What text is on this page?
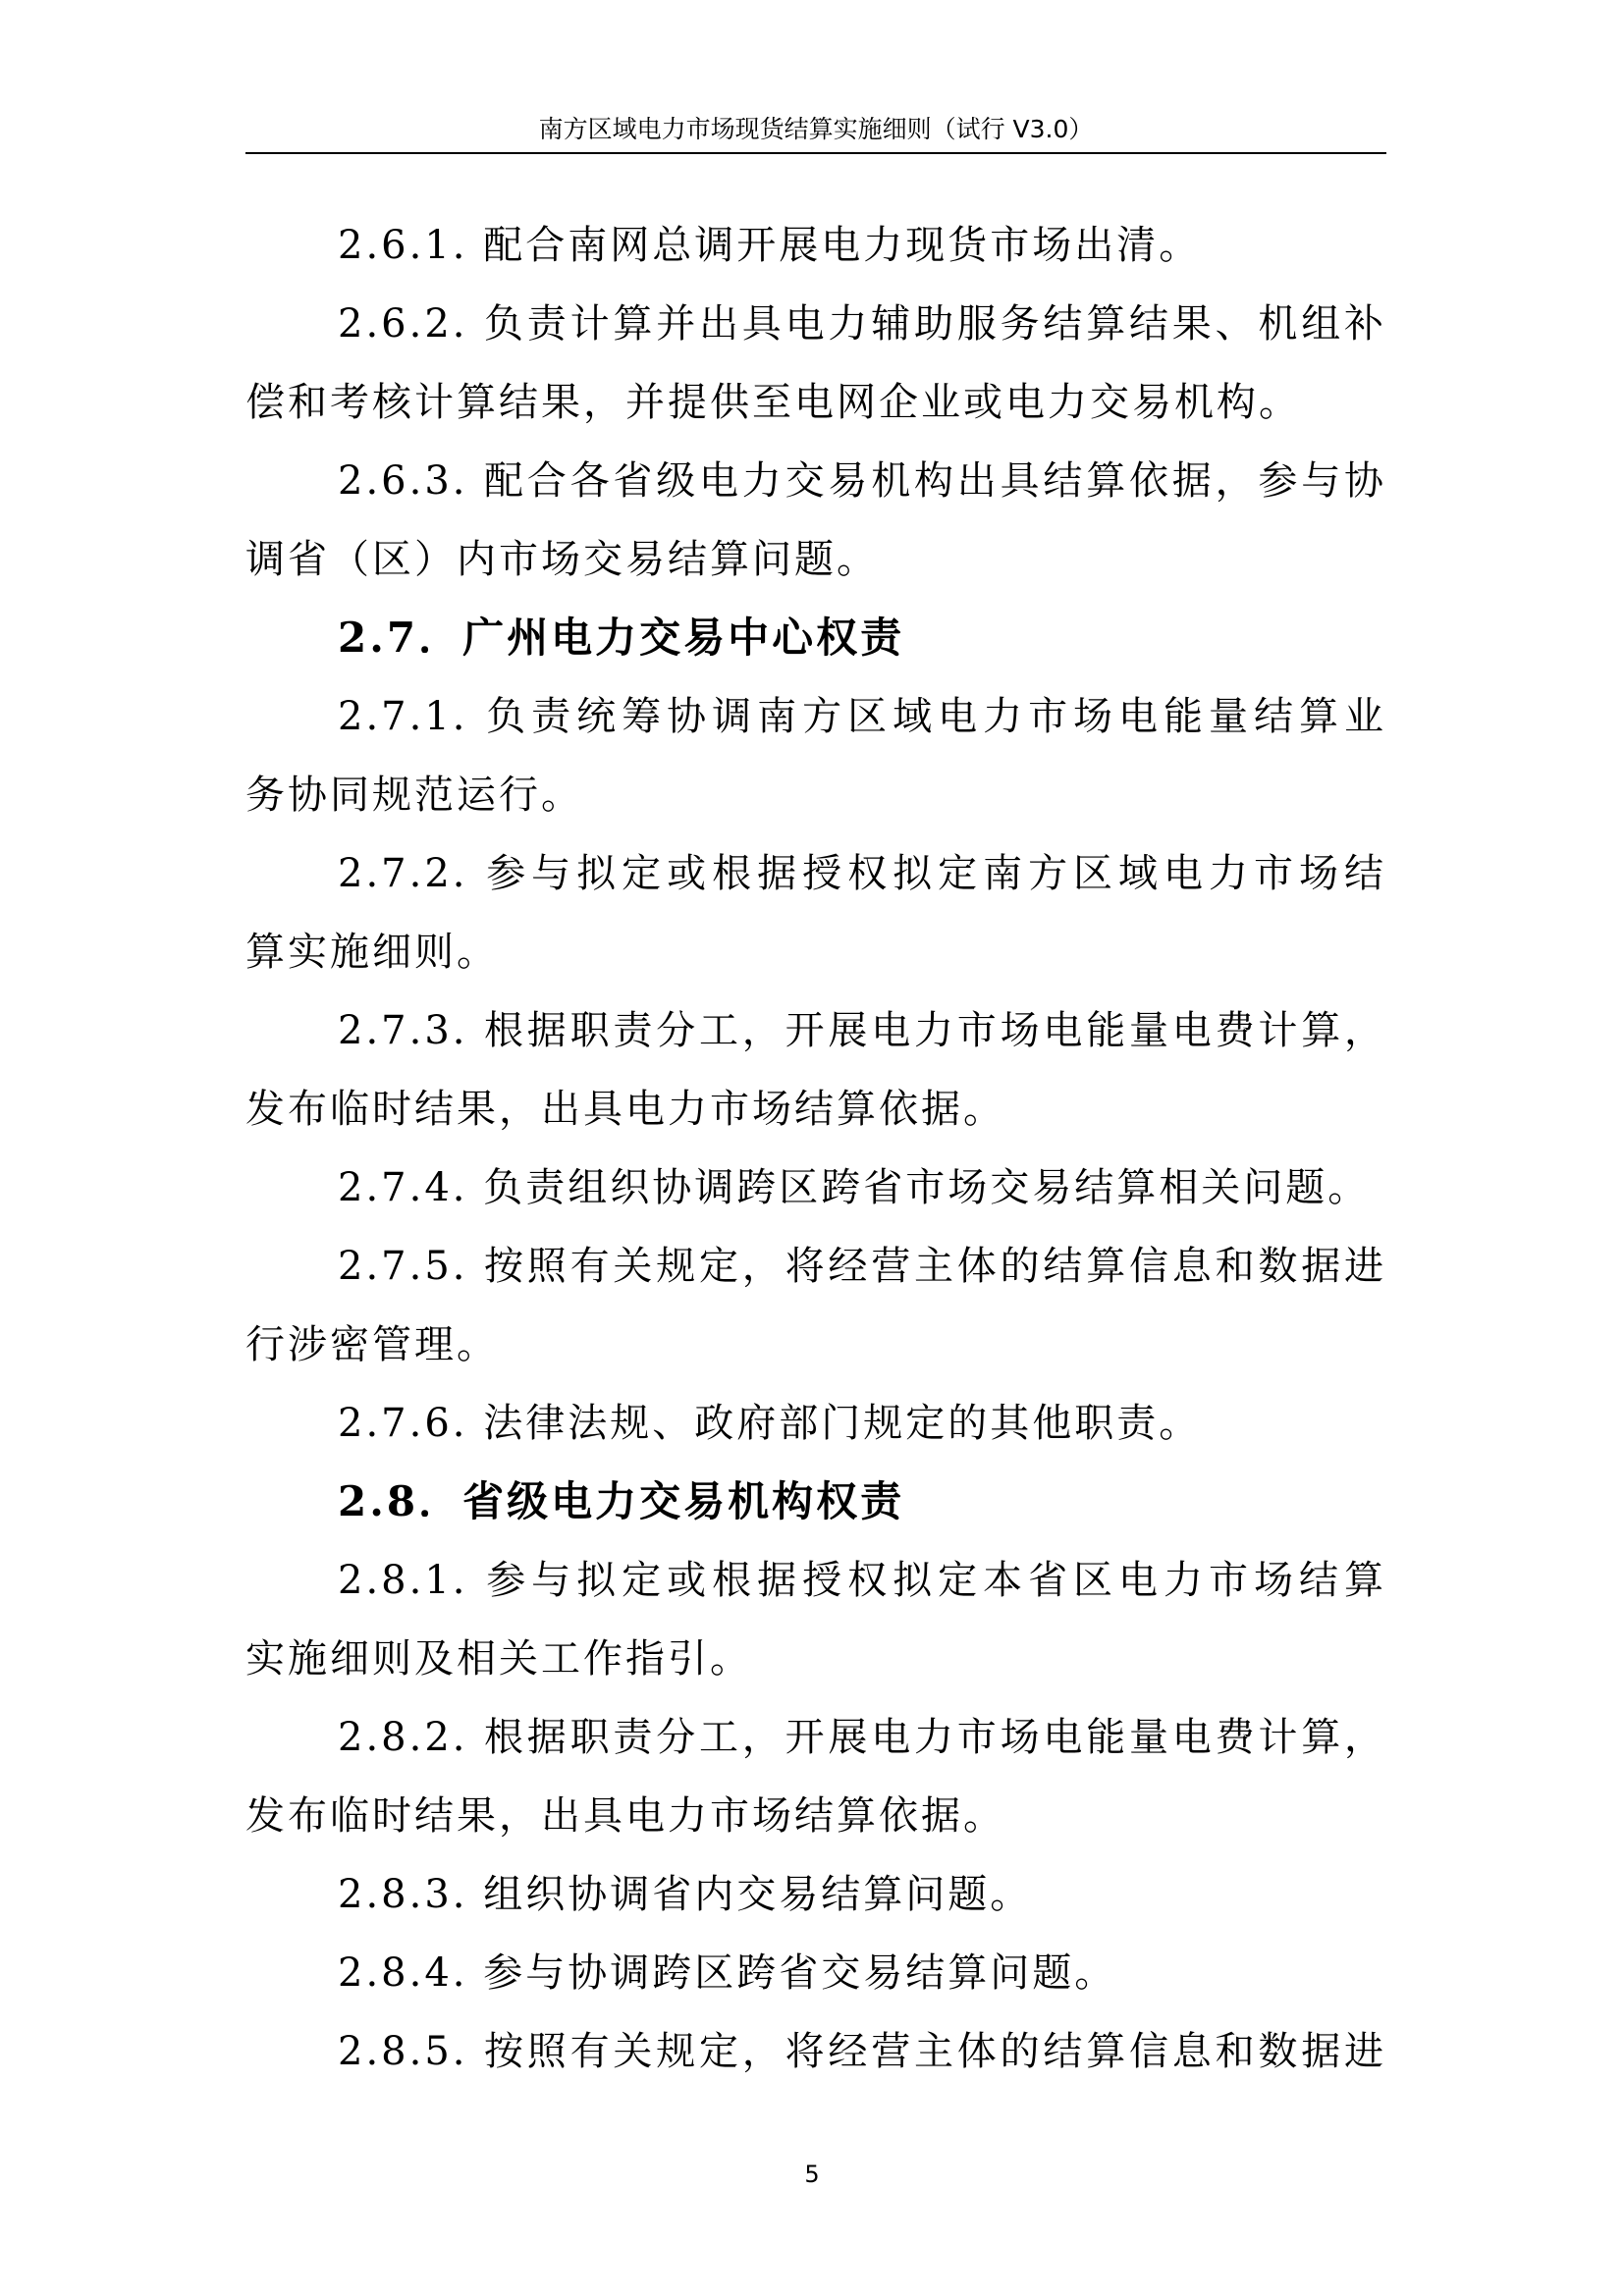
南方区域电力市场现货结算实施细则（试行 V3.0）

2.6.1. 配合南网总调开展电力现货市场出清。

2.6.2. 负责计算并出具电力辅助服务结算结果、机组补

偿和考核计算结果，并提供至电网企业或电力交易机构。

2.6.3. 配合各省级电力交易机构出具结算依据，参与协

调省（区）内市场交易结算问题。

2.7．广州电力交易中心权责

2.7.1. 负责统筹协调南方区域电力市场电能量结算业

务协同规范运行。

2.7.2. 参与拟定或根据授权拟定南方区域电力市场结

算实施细则。

2.7.3. 根据职责分工，开展电力市场电能量电费计算，

发布临时结果，出具电力市场结算依据。

2.7.4. 负责组织协调跨区跨省市场交易结算相关问题。

2.7.5. 按照有关规定，将经营主体的结算信息和数据进

行涉密管理。

2.7.6. 法律法规、政府部门规定的其他职责。

2.8．省级电力交易机构权责

2.8.1. 参与拟定或根据授权拟定本省区电力市场结算

实施细则及相关工作指引。

2.8.2. 根据职责分工，开展电力市场电能量电费计算，

发布临时结果，出具电力市场结算依据。

2.8.3. 组织协调省内交易结算问题。

2.8.4. 参与协调跨区跨省交易结算问题。

2.8.5. 按照有关规定，将经营主体的结算信息和数据进

5
